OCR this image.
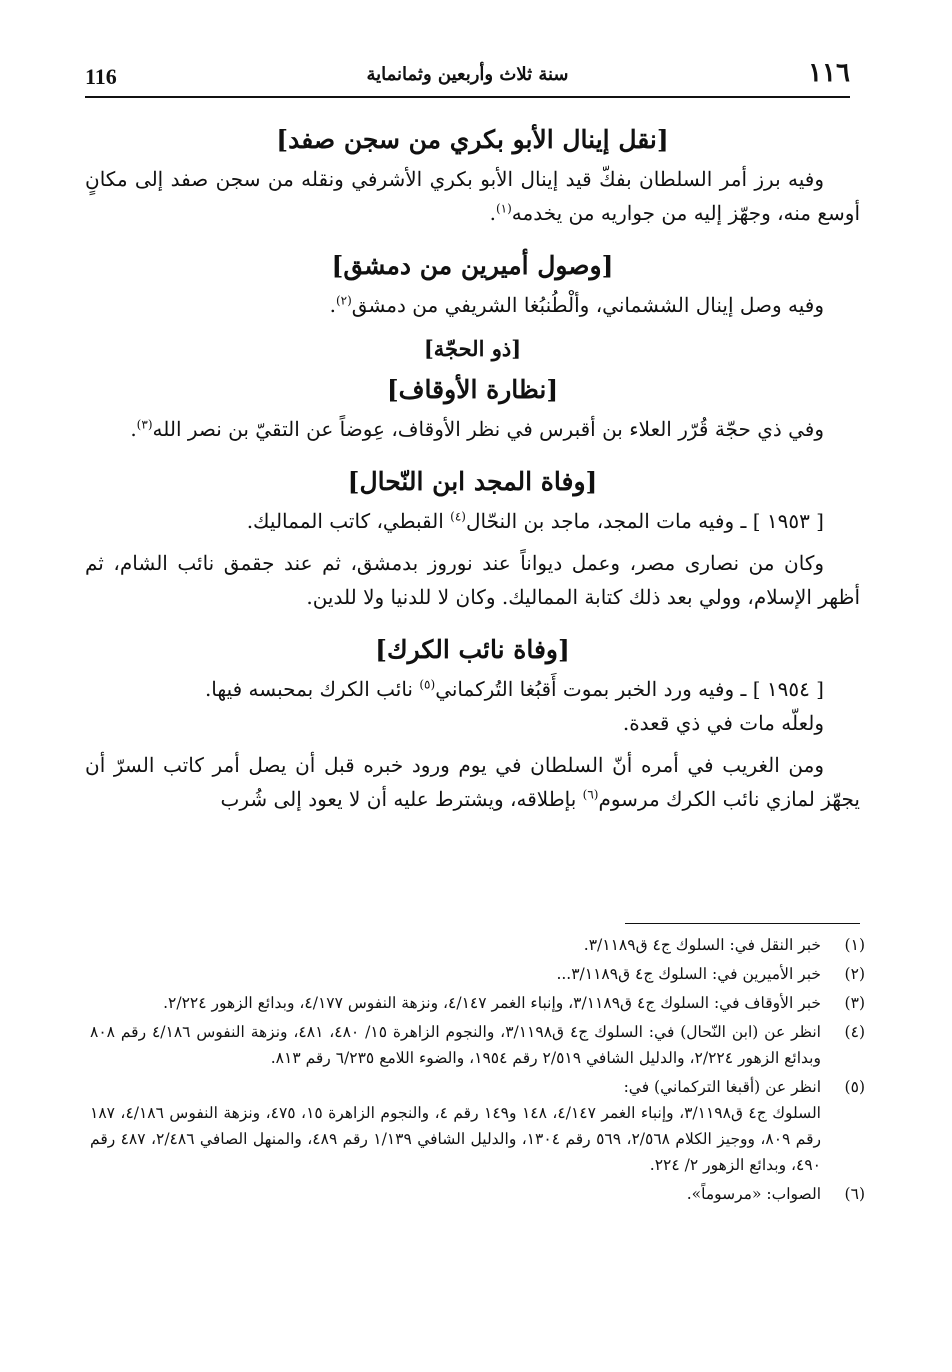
١١٦
سنة ثلاث وأربعين وثمانماية
116
[نقل إينال الأبو بكري من سجن صفد]

وفيه برز أمر السلطان بفكّ قيد إينال الأبو بكري الأشرفي ونقله من سجن صفد إلى مكانٍ أوسع منه، وجهّز إليه من جواريه من يخدمه$^{(١)}$.

[وصول أميرين من دمشق]

وفيه وصل إينال الششماني، وألْطُنبُغا الشريفي من دمشق$^{(٢)}$.

[ذو الحجّة]
[نظارة الأوقاف]

وفي ذي حجّة قُرّر العلاء بن أقبرس في نظر الأوقاف، عِوضاً عن التقيّ بن نصر الله$^{(٣)}$.

[وفاة المجد ابن النّحال]

[ ١٩٥٣ ] ـ وفيه مات المجد، ماجد بن النحّال$^{(٤)}$ القبطي، كاتب المماليك.

وكان من نصارى مصر، وعمل ديواناً عند نوروز بدمشق، ثم عند جقمق نائب الشام، ثم أظهر الإسلام، وولي بعد ذلك كتابة المماليك. وكان لا للدنيا ولا للدين.

[وفاة نائب الكرك]

[ ١٩٥٤ ] ـ وفيه ورد الخبر بموت أَقبُغا التُركماني$^{(٥)}$ نائب الكرك بمحبسه فيها.

ولعلّه مات في ذي قعدة.

ومن الغريب في أمره أنّ السلطان في يوم ورود خبره قبل أن يصل أمر كاتب السرّ أن يجهّز لمازي نائب الكرك مرسوم$^{(٦)}$ بإطلاقه، ويشترط عليه أن لا يعود إلى شُرب

(١)
خبر النقل في: السلوك ج٤ ق٣/١١٨٩.
(٢)
خبر الأميرين في: السلوك ج٤ ق٣/١١٨٩...
(٣)
خبر الأوقاف في: السلوك ج٤ ق٣/١١٨٩، وإنباء الغمر ٤/١٤٧، ونزهة النفوس ٤/١٧٧، وبدائع الزهور ٢/٢٢٤.
(٤)
انظر عن (ابن النّحال) في: السلوك ج٤ ق٣/١١٩٨، والنجوم الزاهرة ١٥/ ٤٨٠، ٤٨١، ونزهة النفوس ٤/١٨٦ رقم ٨٠٨ وبدائع الزهور ٢/٢٢٤، والدليل الشافي ٢/٥١٩ رقم ١٩٥٤، والضوء اللامع ٦/٢٣٥ رقم ٨١٣.
(٥)
انظر عن (أقبغا التركماني) في:
السلوك ج٤ ق٣/١١٩٨، وإنباء الغمر ٤/١٤٧، ١٤٨ و١٤٩ رقم ٤، والنجوم الزاهرة ١٥، ٤٧٥، ونزهة النفوس ٤/١٨٦، ١٨٧ رقم ٨٠٩، ووجيز الكلام ٢/٥٦٨، ٥٦٩ رقم ١٣٠٤، والدليل الشافي ١/١٣٩ رقم ٤٨٩، والمنهل الصافي ٢/٤٨٦، ٤٨٧ رقم ٤٩٠، وبدائع الزهور ٢/ ٢٢٤.
(٦)
الصواب: «مرسوماً».
